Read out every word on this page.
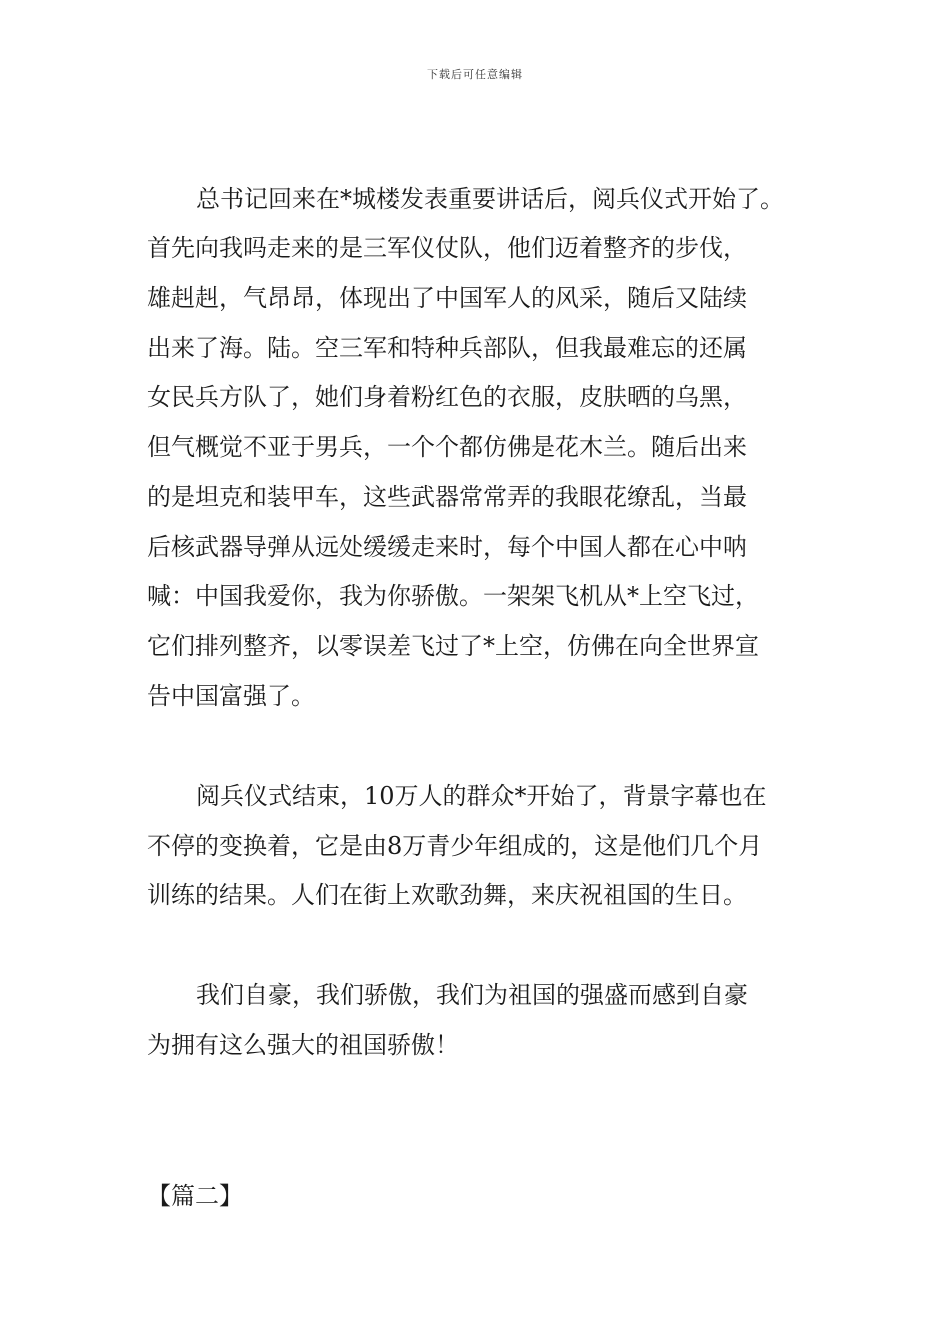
下载后可任意编辑
总书记回来在*城楼发表重要讲话后，阅兵仪式开始了。
首先向我吗走来的是三军仪仗队，他们迈着整齐的步伐，
雄赳赳，气昂昂，体现出了中国军人的风采，随后又陆续
出来了海。陆。空三军和特种兵部队，但我最难忘的还属
女民兵方队了，她们身着粉红色的衣服，皮肤晒的乌黑，
但气概觉不亚于男兵，一个个都仿佛是花木兰。随后出来
的是坦克和装甲车，这些武器常常弄的我眼花缭乱，当最
后核武器导弹从远处缓缓走来时，每个中国人都在心中呐
喊：中国我爱你，我为你骄傲。一架架飞机从*上空飞过，
它们排列整齐，以零误差飞过了*上空，仿佛在向全世界宣
告中国富强了。
阅兵仪式结束，10万人的群众*开始了，背景字幕也在
不停的变换着，它是由8万青少年组成的，这是他们几个月
训练的结果。人们在街上欢歌劲舞，来庆祝祖国的生日。
我们自豪，我们骄傲，我们为祖国的强盛而感到自豪
为拥有这么强大的祖国骄傲！
【篇二】
